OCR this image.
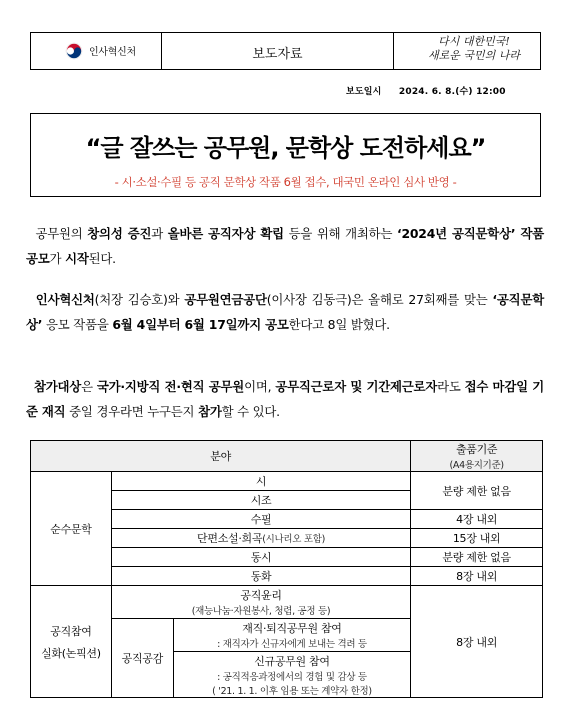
인사혁신처	보도자료
다시 대한민국!
새로운 국민의 나라
보도일시 2024. 6. 8.(수) 12:00
“글 잘쓰는 공무원, 문학상 도전하세요”
- 시·소설·수필 등 공직 문학상 작품 6월 접수, 대국민 온라인 심사 반영 -
공무원의 창의성 증진과 올바른 공직자상 확립 등을 위해 개최하는 ‘2024년 공직문학상’ 작품 공모가 시작된다.
인사혁신처(처장 김승호)와 공무원연금공단(이사장 김동극)은 올해로 27회째를 맞는 ‘공직문학상’ 응모 작품을 6월 4일부터 6월 17일까지 공모한다고 8일 밝혔다.
참가대상은 국가·지방직 전·현직 공무원이며, 공무직근로자 및 기간제근로자라도 접수 마감일 기준 재직 중일 경우라면 누구든지 참가할 수 있다.
분야			출품기준
(A4용지기준)

순수문학	시		분량 제한 없음
	시조		
	수필		4장 내외
	단편소설·희곡(시나리오 포함)		15장 내외
	동시		분량 제한 없음
	동화		8장 내외

공직참여
실화(논픽션)	공직윤리
(재능나눔·자원봉사, 청렴, 공정 등)		8장 내외
	공직공감	재직·퇴직공무원 참여
: 재직자가 신규자에게 보내는 격려 등	

		신규공무원 참여
: 공직적응과정에서의 경험 및 감상 등
( '21. 1. 1. 이후 임용 또는 계약자 한정)	
